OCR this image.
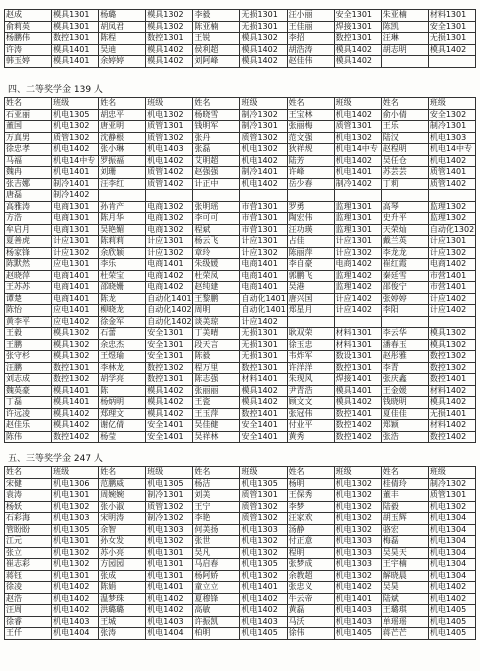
赵成	模具1301	杨璐	模具1302	李毅	无损1301	汪小丽	安全1301	朱亚楠	材料1301
俞莉英	模具1301	胡凤君	模具1302	陈亚楠	无损1301	王佳丽	焊接1301	陈凯	安全1301
杨鹏伟	数控1301	陈程	数控1301	王锐	模具1302	李招	数控1301	汪琳	无损1301
许涛	模具1401	吴迪	模具1402	侯利超	模具1402	胡浩涛	模具1402	胡志明	模具1402
韩玉婷	模具1401	余婷婷	模具1402	刘阿峰	模具1402	赵佳伟	模具1402		
四、二等奖学金 139 人
姓名	班级	姓名	班级	姓名	班级	姓名	班级	姓名	班级
石亚丽	机电1305	胡忠平	机电1302	杨晓雪	制冷1302	王宝林	机电1402	俞小倩	安全1302
董国	机电1302	唐亚明	质管1301	钱明军	制冷1301	张丽梅	质管1301	王乐	制冷1301
万真男	质管1302	沈静根	质管1302	张丹	质管1302	范文强	机电1302	陆汉	机电1303
徐忠孝	机电1402	张小琳	机电1403	张磊	机电1302	狄祥规	机电14中专	赵程明	机电14中专
马福	机电14中专	罗振福	机电1402	艾明超	机电1402	陆芳	机电1402	吴任仓	机电1402
魏冉	机电1401	刘珊	质管1402	赵强强	制冷1401	许峰	机电1401	苏芸芸	质管1401
张吉娜	制冷1401	汪李红	质管1402	计正中	机电1402	岳少春	制冷1402	丁莉	质管1402
唐磊	制冷1402								
高雅涛	电商1301	孙肯产	电商1302	张明瑶	市营1301	罗勇	监理1301	高琴	监理1302
方浩	电商1301	陈月华	电商1302	李可可	市营1301	陶宏伟	监理1301	史升平	监理1302
牟启月	电商1301	吴艳媚	电商1302	程斌	市营1301	汪功瑛	监理1301	天荣灿	自动化1302
夏善虎	计应1301	陈莉莉	计应1301	杨云飞	计应1301	占佳	计应1301	戴兰英	计应1301
杨家锋	计应1302	余欣颖	计应1302	章玲	计应1302	陈丽萍	计应1302	李龙龙	计应1302
陈默然	应电1301	李乐	电商1401	朱级媛	电商1401	李自豪	电商1402	崔红霞	电商1402
赵晓萍	电商1401	杜荣宝	电商1402	杜荣凤	电商1401	郭鹏飞	监理1402	秦廷雪	市营1401
王苏苏	电商1401	邵晓姗	电商1402	赵纯建	电商1401	吴港	监理1402	邵俊宁	市营1401
谭楚	电商1401	陈龙	自动化1401	王黎鹏	自动化1401	唐兴国	计应1402	张婷婷	计应1402
陈怡	应电1401	柳晓龙	自动化1402	周明	自动化1401	郑星月	计应1402	李阳	计应1402
黄李平	应电1402	徐金军	自动化1402	谈美琼	计应1402				
王毅	模具1302	石蕾	安全1301	丁美晴	无损1301	耿双荣	材料1301	李云华	模具1302
王鹏	模具1302	余忠杰	安全1301	段天言	无损1301	徐玉忠	材料1301	潘春玉	模具1302
张守杉	模具1302	王煜瑜	安全1301	陈毅	无损1301	韦炸军	数设1301	赵彤雅	数控1302
汪鹏	数控1301	李林龙	数控1302	程万里	数控1301	许洋洋	数控1301	李青	数控1302
刘志成	数控1302	胡学亮	数控1301	陈志强	材料1401	朱现风	焊接1401	张庆鑫	数控1401
魏英豪	模具1401	陈	模具1402	张丽丽	模具1402	尹青浩	模具1401	王金媛	材料1402
丁磊	模具1401	杨炳明	模具1402	王瓷	模具1402	顾文文	模具1402	钱晓明	模具1402
许远凌	模具1402	郑理文	模具1402	王玉萍	数控1401	张冠伟	数控1401	夏佳佳	无损1401
赵佳乐	模具1402	谢亿倩	安全1401	吴佳健	安全1401	付业平	数控1402	郑颖	材料1402
陈伟	数控1402	杨莹	安全1401	吴祥林	安全1401	黄秀	数控1402	张浩	数控1402
五、三等奖学金 247 人
姓名	班级	姓名	班级	姓名	班级	姓名	班级	姓名	班级
宋健	机电1306	范鹏威	机电1305	杨洁	机电1305	杨明	机电1302	桂倩玲	制冷1302
袁涛	机电1301	周婉婉	制冷1301	刘美	质管1301	王保秀	机电1302	董丰	质管1301
杨妖	机电1302	张小淑	质管1302	王宁	质管1302	李梦	机电1302	陆毅	机电1302
石彩海	机电1303	宋明涛	制冷1302	李艳	质管1302	汪家欢	机电1302	胡玉辉	机电1304
管盼盼	机电1305	余智	机电1303	何美扬	机电1303	汤静	机电1302	骆宏	机电1304
江元	机电1301	孙女发	机电1302	张世	机电1302	付正意	机电1303	梅磊	机电1304
张立	机电1302	苏小亮	机电1301	吴凡	机电1302	程明	机电1303	吴昊天	机电1304
崔志彩	机电1302	方园园	机电1301	马启春	机电1305	张梦成	机电1303	王宇楠	机电1304
蒋钰	机电1301	张成	机电1301	杨阿娇	机电1302	余教超	机电1302	解晓晨	机电1304
徐凌	机电1402	陈娟	机电1401	童立立	机电1401	张忠义	机电1402	吴昊	机电1402
赵浩	机电1402	温梦珠	机电1402	夏穆锋	机电1402	牛云帝	机电1401	陆斌	机电1402
汪周	机电1402	洪璐璐	机电1402	高敏	机电1402	黄磊	机电1403	王璐琪	机电1405
徐睿	机电1403	王城	机电1403	许振凯	机电1403	马沃	机电1403	单瑶瑶	机电1405
王仟	机电1404	张涛	机电1404	柏明	机电1405	徐伟	机电1405	蒋芒芒	机电1405
